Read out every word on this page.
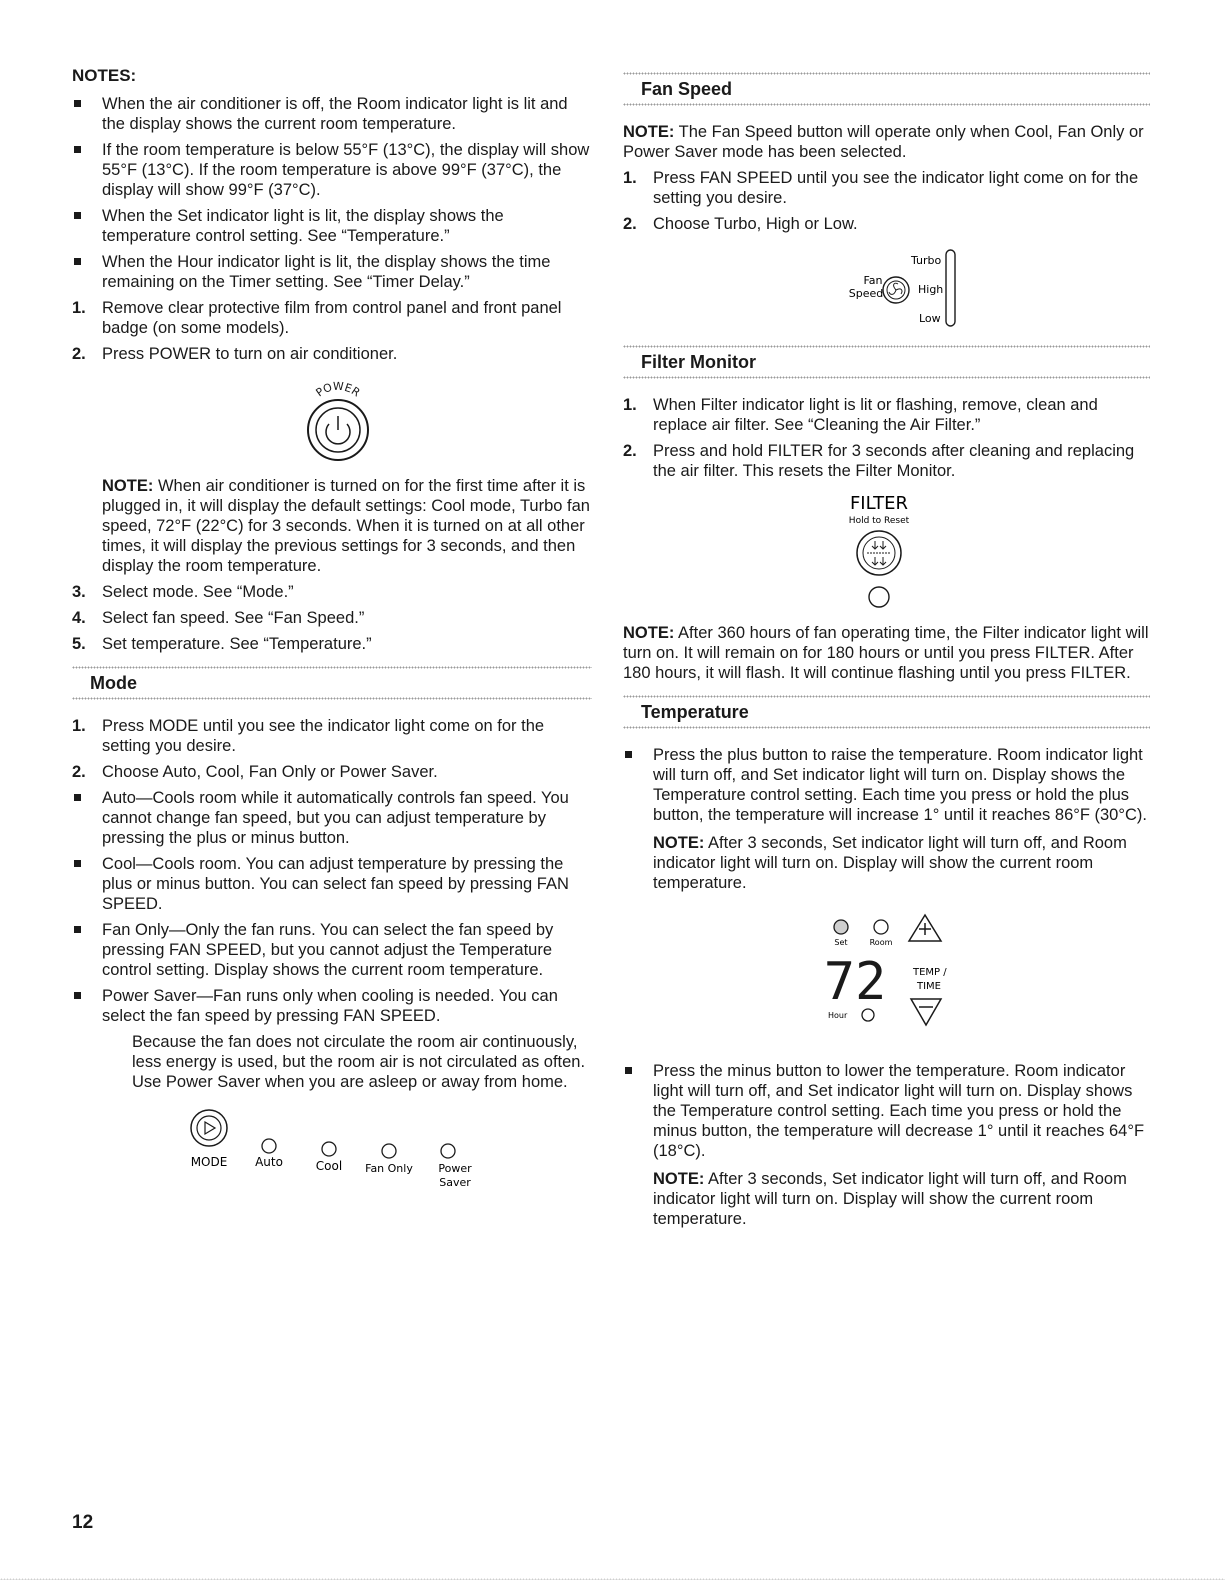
NOTES:
When the air conditioner is off, the Room indicator light is lit and the display shows the current room temperature.
If the room temperature is below 55°F (13°C), the display will show 55°F (13°C). If the room temperature is above 99°F (37°C), the display will show 99°F (37°C).
When the Set indicator light is lit, the display shows the temperature control setting. See “Temperature.”
When the Hour indicator light is lit, the display shows the time remaining on the Timer setting. See “Timer Delay.”
1. Remove clear protective film from control panel and front panel badge (on some models).
2. Press POWER to turn on air conditioner.
POWER

NOTE: When air conditioner is turned on for the first time after it is plugged in, it will display the default settings: Cool mode, Turbo fan speed, 72°F (22°C) for 3 seconds. When it is turned on at all other times, it will display the previous settings for 3 seconds, and then display the room temperature.

3. Select mode. See “Mode.”
4. Select fan speed. See “Fan Speed.”
5. Set temperature. See “Temperature.”
Mode
1. Press MODE until you see the indicator light come on for the setting you desire.
2. Choose Auto, Cool, Fan Only or Power Saver.
Auto—Cools room while it automatically controls fan speed. You cannot change fan speed, but you can adjust temperature by pressing the plus or minus button.
Cool—Cools room. You can adjust temperature by pressing the plus or minus button. You can select fan speed by pressing FAN SPEED.
Fan Only—Only the fan runs. You can select the fan speed by pressing FAN SPEED, but you cannot adjust the Temperature control setting. Display shows the current room temperature.
Power Saver—Fan runs only when cooling is needed. You can select the fan speed by pressing FAN SPEED.

Because the fan does not circulate the room air continuously, less energy is used, but the room air is not circulated as often. Use Power Saver when you are asleep or away from home.

MODE Auto	Cool Fan Only Power
Saver
Fan Speed

NOTE: The Fan Speed button will operate only when Cool, Fan Only or Power Saver mode has been selected.

1. Press FAN SPEED until you see the indicator light come on for the setting you desire.
2. Choose Turbo, High or Low.
Fan
Speed
Turbo
High
Low
Filter Monitor
1. When Filter indicator light is lit or flashing, remove, clean and replace air filter. See “Cleaning the Air Filter.”
2. Press and hold FILTER for 3 seconds after cleaning and replacing the air filter. This resets the Filter Monitor.
FILTER
Hold to Reset

NOTE: After 360 hours of fan operating time, the Filter indicator light will turn on. It will remain on for 180 hours or until you press FILTER. After 180 hours, it will flash. It will continue flashing until you press FILTER.

Temperature
Press the plus button to raise the temperature. Room indicator light will turn off, and Set indicator light will turn on. Display shows the Temperature control setting. Each time you press or hold the plus button, the temperature will increase 1° until it reaches 86°F (30°C).

NOTE: After 3 seconds, Set indicator light will turn off, and Room indicator light will turn on. Display will show the current room temperature.

Set	Room
72	TEMP /
TIME
Hour
Press the minus button to lower the temperature. Room indicator light will turn off, and Set indicator light will turn on. Display shows the Temperature control setting. Each time you press or hold the minus button, the temperature will decrease 1° until it reaches 64°F (18°C).

NOTE: After 3 seconds, Set indicator light will turn off, and Room indicator light will turn on. Display will show the current room temperature.

12
